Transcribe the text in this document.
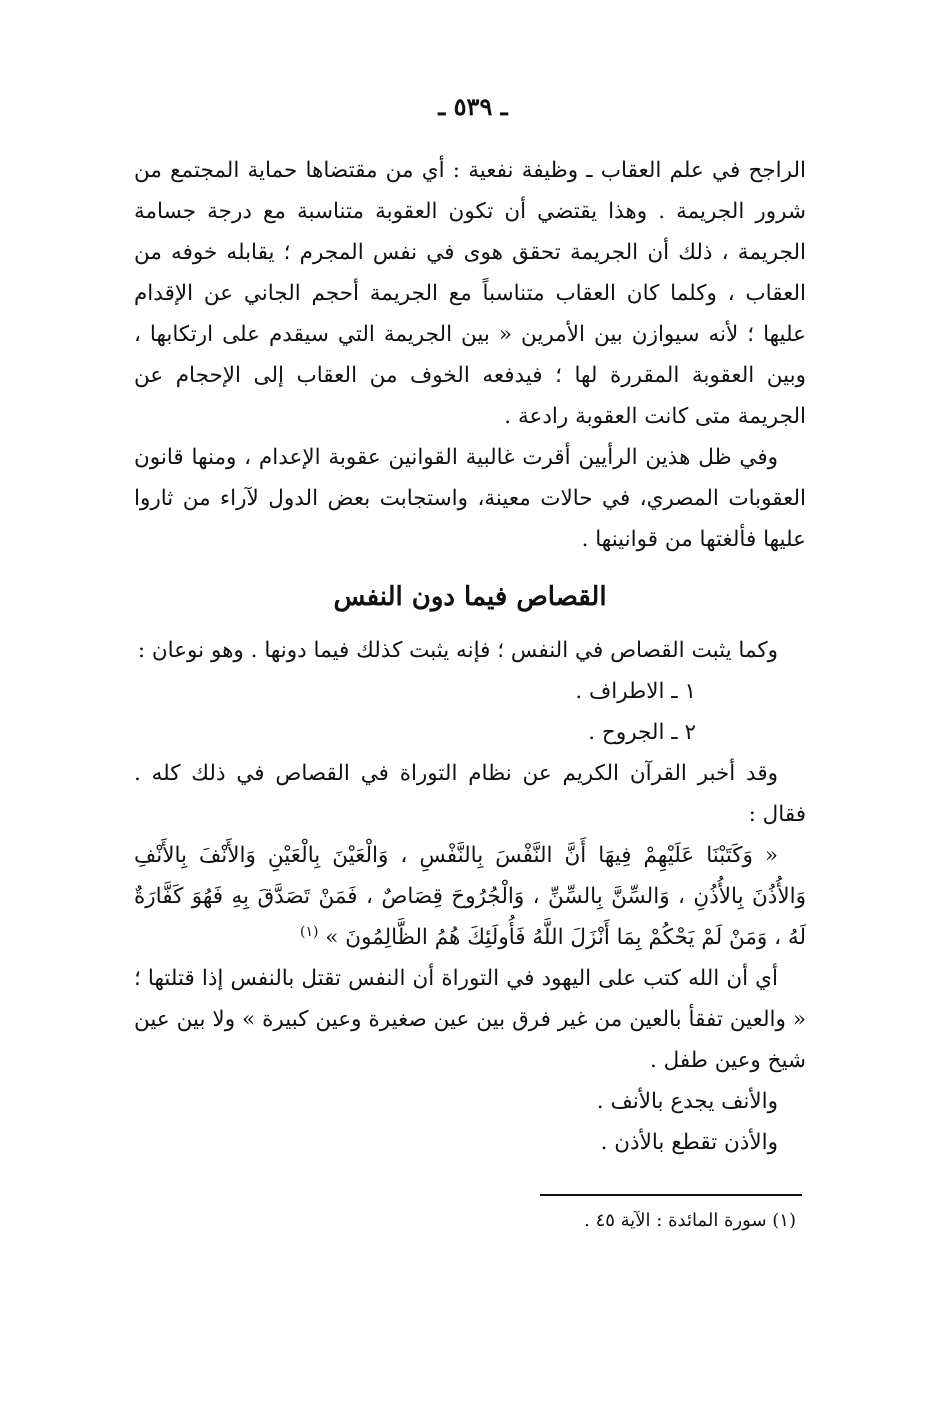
ـ ٥٣٩ ـ

الراجح في علم العقاب ـ وظيفة نفعية : أي من مقتضاها حماية المجتمع من شرور الجريمة . وهذا يقتضي أن تكون العقوبة متناسبة مع درجة جسامة الجريمة ، ذلك أن الجريمة تحقق هوى في نفس المجرم ؛ يقابله خوفه من العقاب ، وكلما كان العقاب متناسباً مع الجريمة أحجم الجاني عن الإقدام عليها ؛ لأنه سيوازن بين الأمرين « بين الجريمة التي سيقدم على ارتكابها ، وبين العقوبة المقررة لها ؛ فيدفعه الخوف من العقاب إلى الإحجام عن الجريمة متى كانت العقوبة رادعة .

وفي ظل هذين الرأيين أقرت غالبية القوانين عقوبة الإعدام ، ومنها قانون العقوبات المصري، في حالات معينة، واستجابت بعض الدول لآراء من ثاروا عليها فألغتها من قوانينها .

القصاص فيما دون النفس

وكما يثبت القصاص في النفس ؛ فإنه يثبت كذلك فيما دونها . وهو نوعان :

١ ـ الاطراف .

٢ ـ الجروح .

وقد أخبر القرآن الكريم عن نظام التوراة في القصاص في ذلك كله . فقال :

« وَكَتَبْنَا عَلَيْهِمْ فِيهَا أَنَّ النَّفْسَ بِالنَّفْسِ ، وَالْعَيْنَ بِالْعَيْنِ وَالأَنْفَ بِالأَنْفِ وَالأُذُنَ بِالأُذُنِ ، وَالسِّنَّ بِالسِّنِّ ، وَالْجُرُوحَ قِصَاصٌ ، فَمَنْ تَصَدَّقَ بِهِ فَهُوَ كَفَّارَةٌ لَهُ ، وَمَنْ لَمْ يَحْكُمْ بِمَا أَنْزَلَ اللَّهُ فَأُولَئِكَ هُمُ الظَّالِمُونَ » $^{(١)}$

أي أن الله كتب على اليهود في التوراة أن النفس تقتل بالنفس إذا قتلتها ؛ « والعين تفقأ بالعين من غير فرق بين عين صغيرة وعين كبيرة » ولا بين عين شيخ وعين طفل .

والأنف يجدع بالأنف .

والأذن تقطع بالأذن .

(١) سورة المائدة : الآية ٤٥ .
